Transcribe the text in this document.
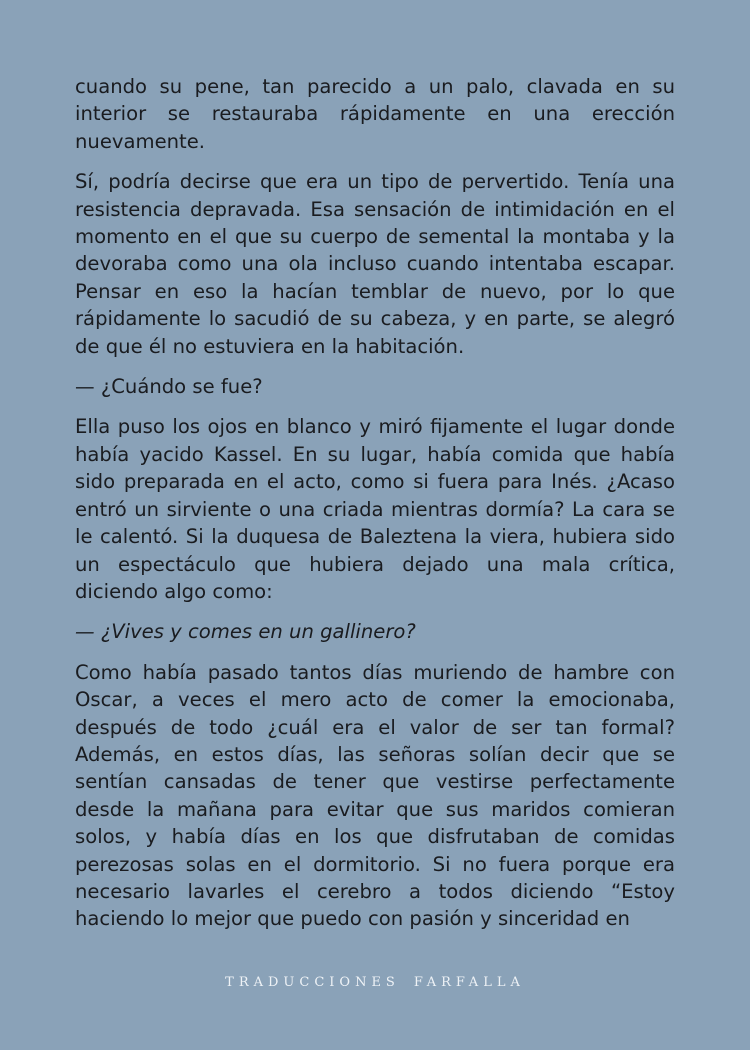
cuando su pene, tan parecido a un palo, clavada en su interior se restauraba rápidamente en una erección nuevamente.

Sí, podría decirse que era un tipo de pervertido. Tenía una resistencia depravada. Esa sensación de intimidación en el momento en el que su cuerpo de semental la montaba y la devoraba como una ola incluso cuando intentaba escapar. Pensar en eso la hacían temblar de nuevo, por lo que rápidamente lo sacudió de su cabeza, y en parte, se alegró de que él no estuviera en la habitación.

— ¿Cuándo se fue?

Ella puso los ojos en blanco y miró fijamente el lugar donde había yacido Kassel. En su lugar, había comida que había sido preparada en el acto, como si fuera para Inés. ¿Acaso entró un sirviente o una criada mientras dormía? La cara se le calentó. Si la duquesa de Baleztena la viera, hubiera sido un espectáculo que hubiera dejado una mala crítica, diciendo algo como:

— ¿Vives y comes en un gallinero?

Como había pasado tantos días muriendo de hambre con Oscar, a veces el mero acto de comer la emocionaba, después de todo ¿cuál era el valor de ser tan formal? Además, en estos días, las señoras solían decir que se sentían cansadas de tener que vestirse perfectamente desde la mañana para evitar que sus maridos comieran solos, y había días en los que disfrutaban de comidas perezosas solas en el dormitorio. Si no fuera porque era necesario lavarles el cerebro a todos diciendo “Estoy haciendo lo mejor que puedo con pasión y sinceridad en

TRADUCCIONES FARFALLA
